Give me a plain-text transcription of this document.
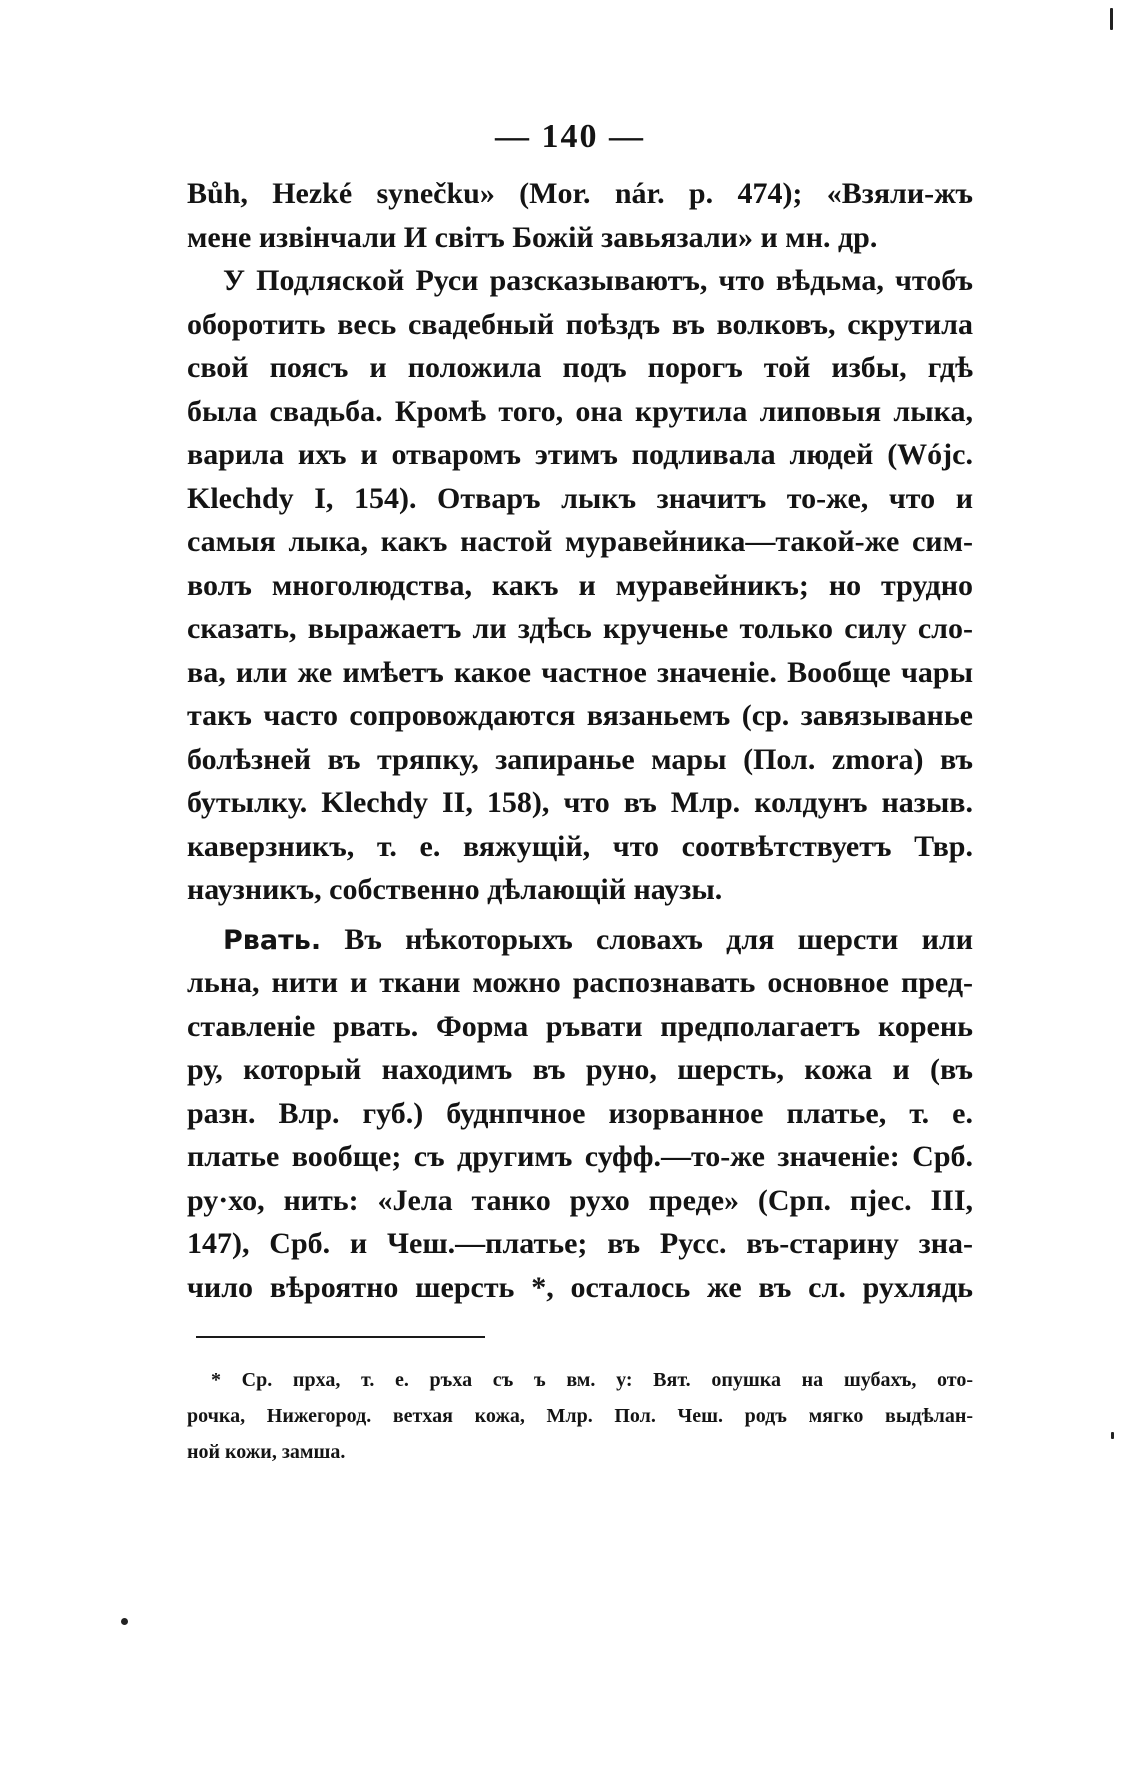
— 140 —
Bůh, Hezké synečku» (Mor. nár. p. 474); «Взяли-жъ
мене извiнчали И свiтъ Божiй завьязали» и мн. др.
У Подляской Руси разсказываютъ, что вѣдьма, чтобъ
оборотить весь свадебный поѣздъ въ волковъ, скрутила
свой поясъ и положила подъ порогъ той избы, гдѣ
была свадьба. Кромѣ того, она крутила липовыя лыка,
варила ихъ и отваромъ этимъ подливала людей (Wójc.
Klechdy I, 154). Отваръ лыкъ значитъ то-же, что и
самыя лыка, какъ настой муравейника—такой-же сим-
волъ многолюдства, какъ и муравейникъ; но трудно
сказать, выражаетъ ли здѣсь крученье только силу сло-
ва, или же имѣетъ какое частное значенie. Вообще чары
такъ часто сопровождаются вязаньемъ (ср. завязыванье
болѣзней въ тряпку, запиранье мары (Пол. zmora) въ
бутылку. Klechdy II, 158), что въ Млр. колдунъ назыв.
каверзникъ, т. е. вяжущiй, что соотвѣтствуетъ Твр.
наузникъ, собственно дѣлающiй наузы.
Рвать. Въ нѣкоторыхъ словахъ для шерсти или
льна, нити и ткани можно распознавать основное пред-
ставленie рвать. Форма ръвати предполагаетъ корень
ру, который находимъ въ руно, шерсть, кожа и (въ
разн. Влр. губ.) буднпчное изорванное платье, т. е.
платье вообще; съ другимъ суфф.—то-же значенie: Срб.
ру·хо, нить: «Jела танко рухо преде» (Срп. пjес. III,
147), Срб. и Чеш.—платье; въ Русс. въ-старину зна-
чило вѣроятно шерсть *, осталось же въ сл. рухлядь
* Ср. прха, т. е. ръха съ ъ вм. у: Вят. опушка на шубахъ, ото-
рочка, Нижегород. ветхая кожа, Млр. Пол. Чеш. родъ мягко выдѣлан-
ной кожи, замша.
